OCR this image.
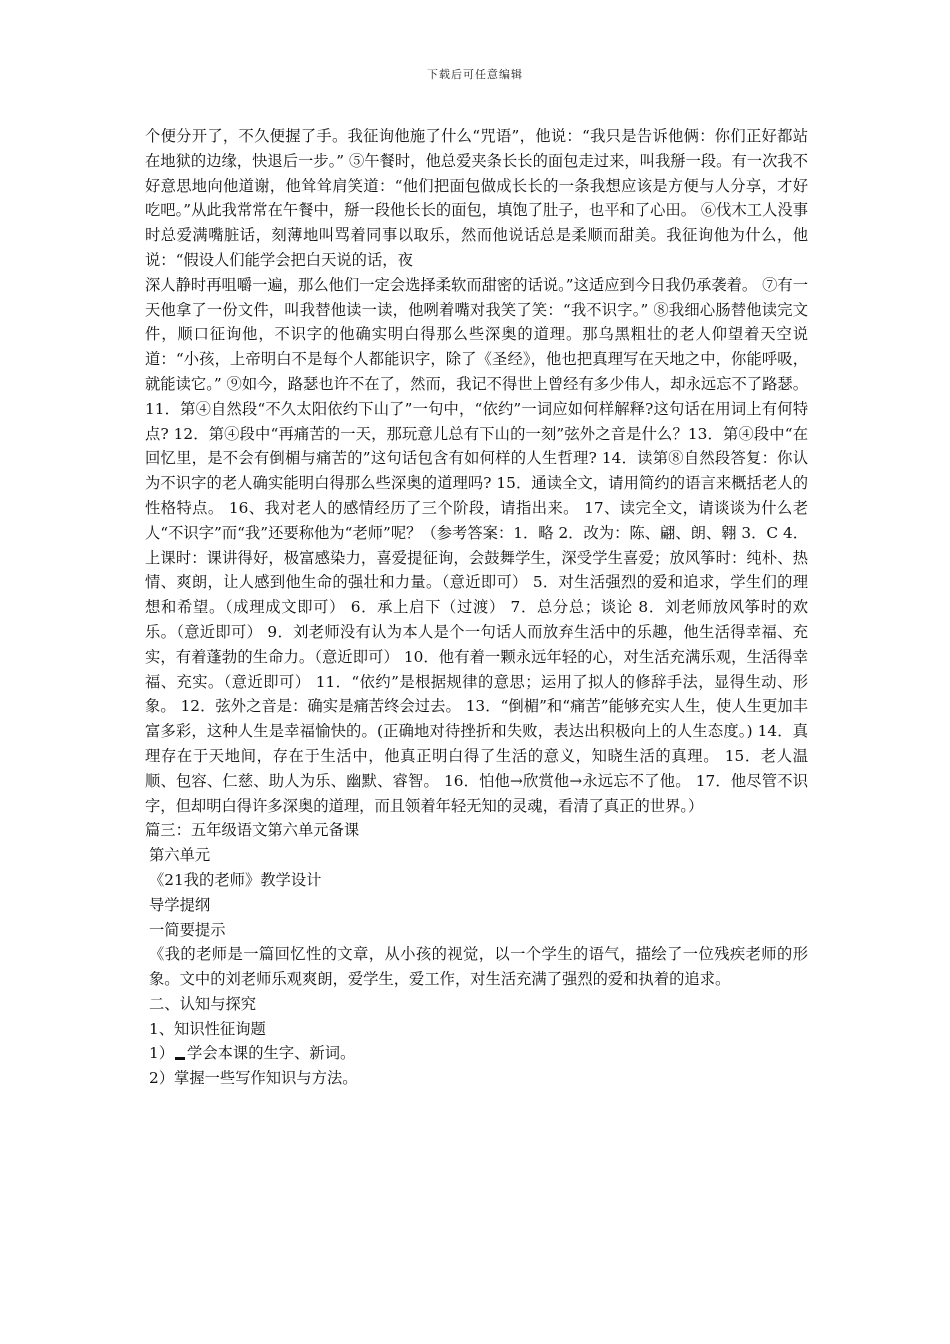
下载后可任意编辑

个便分开了，不久便握了手。我征询他施了什么“咒语”，他说：“我只是告诉他俩：你们正好都站在地狱的边缘，快退后一步。” ⑤午餐时，他总爱夹条长长的面包走过来，叫我掰一段。有一次我不好意思地向他道谢，他耸耸肩笑道：“他们把面包做成长长的一条我想应该是方便与人分享，才好吃吧。”从此我常常在午餐中，掰一段他长长的面包，填饱了肚子，也平和了心田。 ⑥伐木工人没事时总爱满嘴脏话，刻薄地叫骂着同事以取乐，然而他说话总是柔顺而甜美。我征询他为什么，他说：“假设人们能学会把白天说的话，夜

深人静时再咀嚼一遍，那么他们一定会选择柔软而甜密的话说。”这适应到今日我仍承袭着。 ⑦有一天他拿了一份文件，叫我替他读一读，他咧着嘴对我笑了笑：“我不识字。” ⑧我细心肠替他读完文件，顺口征询他，不识字的他确实明白得那么些深奥的道理。那乌黑粗壮的老人仰望着天空说道：“小孩，上帝明白不是每个人都能识字，除了《圣经》，他也把真理写在天地之中，你能呼吸，就能读它。” ⑨如今，路瑟也许不在了，然而，我记不得世上曾经有多少伟人，却永远忘不了路瑟。 11．第④自然段“不久太阳依约下山了”一句中，“依约”一词应如何样解释?这句话在用词上有何特点? 12．第④段中“再痛苦的一天，那玩意儿总有下山的一刻”弦外之音是什么？13．第④段中“在回忆里，是不会有倒楣与痛苦的”这句话包含有如何样的人生哲理? 14．读第⑧自然段答复：你认为不识字的老人确实能明白得那么些深奥的道理吗? 15．通读全文，请用简约的语言来概括老人的性格特点。 16、我对老人的感情经历了三个阶段，请指出来。 17、读完全文，请谈谈为什么老人“不识字”而“我”还要称他为“老师”呢？（参考答案：1．略 2．改为：陈、翩、朗、翱 3．C 4．上课时：课讲得好，极富感染力，喜爱提征询，会鼓舞学生，深受学生喜爱；放风筝时：纯朴、热情、爽朗，让人感到他生命的强壮和力量。（意近即可） 5．对生活强烈的爱和追求，学生们的理想和希望。（成理成文即可） 6．承上启下（过渡） 7．总分总；谈论 8．刘老师放风筝时的欢乐。（意近即可） 9．刘老师没有认为本人是个一句话人而放弃生活中的乐趣，他生活得幸福、充实，有着蓬勃的生命力。（意近即可） 10．他有着一颗永远年轻的心，对生活充满乐观，生活得幸福、充实。（意近即可） 11．“依约”是根据规律的意思；运用了拟人的修辞手法，显得生动、形象。 12．弦外之音是：确实是痛苦终会过去。 13．“倒楣”和“痛苦”能够充实人生，使人生更加丰富多彩，这种人生是幸福愉快的。(正确地对待挫折和失败，表达出积极向上的人生态度。) 14．真理存在于天地间，存在于生活中，他真正明白得了生活的意义，知晓生活的真理。 15．老人温顺、包容、仁慈、助人为乐、幽默、睿智。 16．怕他→欣赏他→永远忘不了他。 17．他尽管不识字，但却明白得许多深奥的道理，而且领着年轻无知的灵魂，看清了真正的世界。）

篇三：五年级语文第六单元备课

第六单元

《21我的老师》教学设计

导学提纲

一简要提示

《我的老师是一篇回忆性的文章，从小孩的视觉，以一个学生的语气，描绘了一位残疾老师的形象。文中的刘老师乐观爽朗，爱学生，爱工作，对生活充满了强烈的爱和执着的追求。

二、认知与探究

1、知识性征询题

1） 学会本课的生字、新词。

2）掌握一些写作知识与方法。
